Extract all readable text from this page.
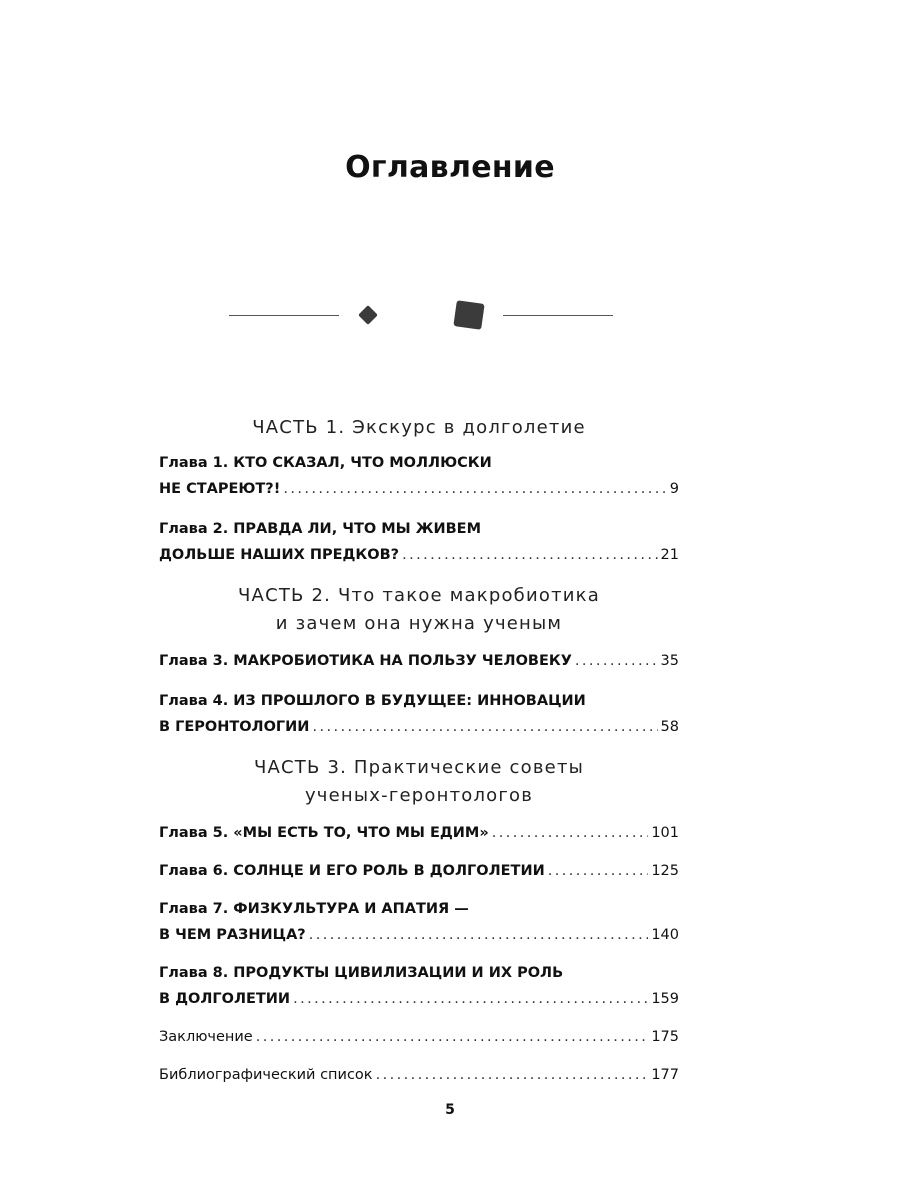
Оглавление
ЧАСТЬ 1. Экскурс в долголетие
Глава 1. КТО СКАЗАЛ, ЧТО МОЛЛЮСКИ
НЕ СТАРЕЮТ?! .....	9
Глава 2. ПРАВДА ЛИ, ЧТО МЫ ЖИВЕМ
ДОЛЬШЕ НАШИХ ПРЕДКОВ? .....	21
ЧАСТЬ 2. Что такое макробиотика
и зачем она нужна ученым
Глава 3. МАКРОБИОТИКА НА ПОЛЬЗУ ЧЕЛОВЕКУ .....	35
Глава 4. ИЗ ПРОШЛОГО В БУДУЩЕЕ: ИННОВАЦИИ
В ГЕРОНТОЛОГИИ .....	58
ЧАСТЬ 3. Практические советы
ученых-геронтологов
Глава 5. «МЫ ЕСТЬ ТО, ЧТО МЫ ЕДИМ» .....	101
Глава 6. СОЛНЦЕ И ЕГО РОЛЬ В ДОЛГОЛЕТИИ .....	125
Глава 7. ФИЗКУЛЬТУРА И АПАТИЯ —
В ЧЕМ РАЗНИЦА? .....	140
Глава 8. ПРОДУКТЫ ЦИВИЛИЗАЦИИ И ИХ РОЛЬ
В ДОЛГОЛЕТИИ .....	159
Заключение .....	175
Библиографический список .....	177
5
